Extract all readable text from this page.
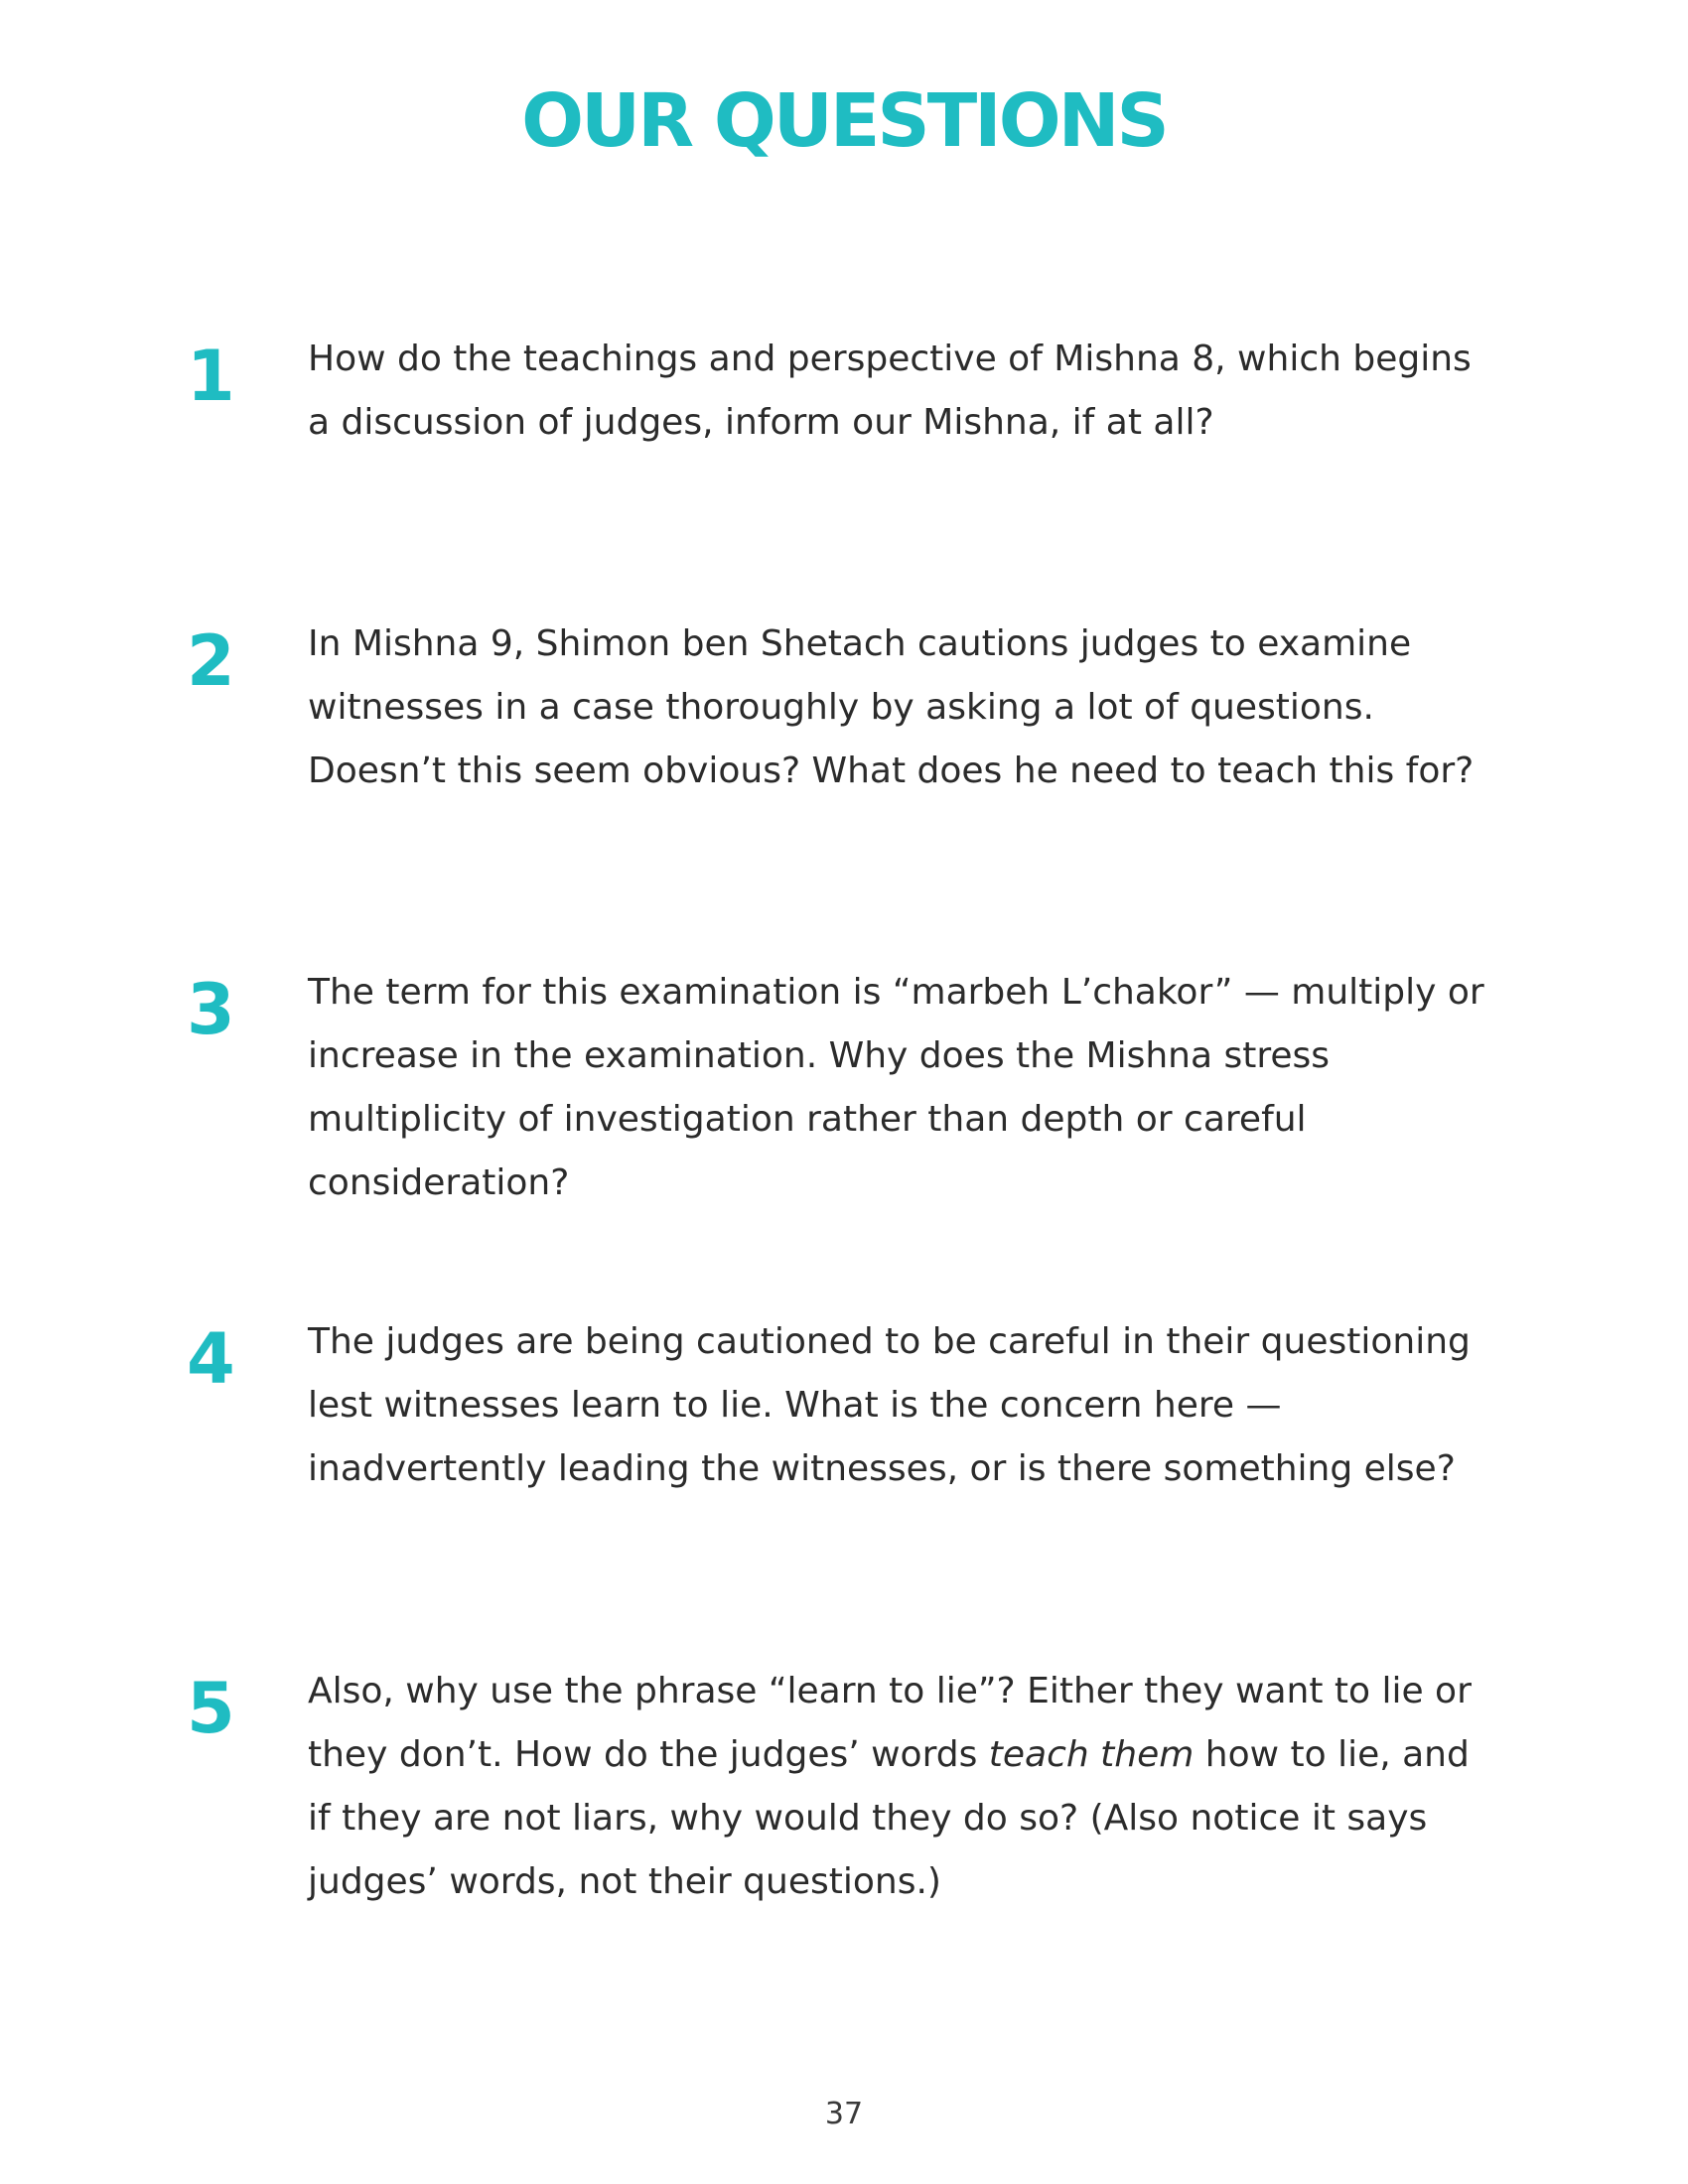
OUR QUESTIONS
1 How do the teachings and perspective of Mishna 8, which begins a discussion of judges, inform our Mishna, if at all?

2 In Mishna 9, Shimon ben Shetach cautions judges to examine witnesses in a case thoroughly by asking a lot of questions. Doesn’t this seem obvious? What does he need to teach this for?

3 The term for this examination is “marbeh L’chakor” — multiply or increase in the examination. Why does the Mishna stress multiplicity of investigation rather than depth or careful consideration?

4 The judges are being cautioned to be careful in their questioning lest witnesses learn to lie. What is the concern here — inadvertently leading the witnesses, or is there something else?

5 Also, why use the phrase “learn to lie”? Either they want to lie or they don’t. How do the judges’ words teach them how to lie, and if they are not liars, why would they do so? (Also notice it says judges’ words, not their questions.)

37
